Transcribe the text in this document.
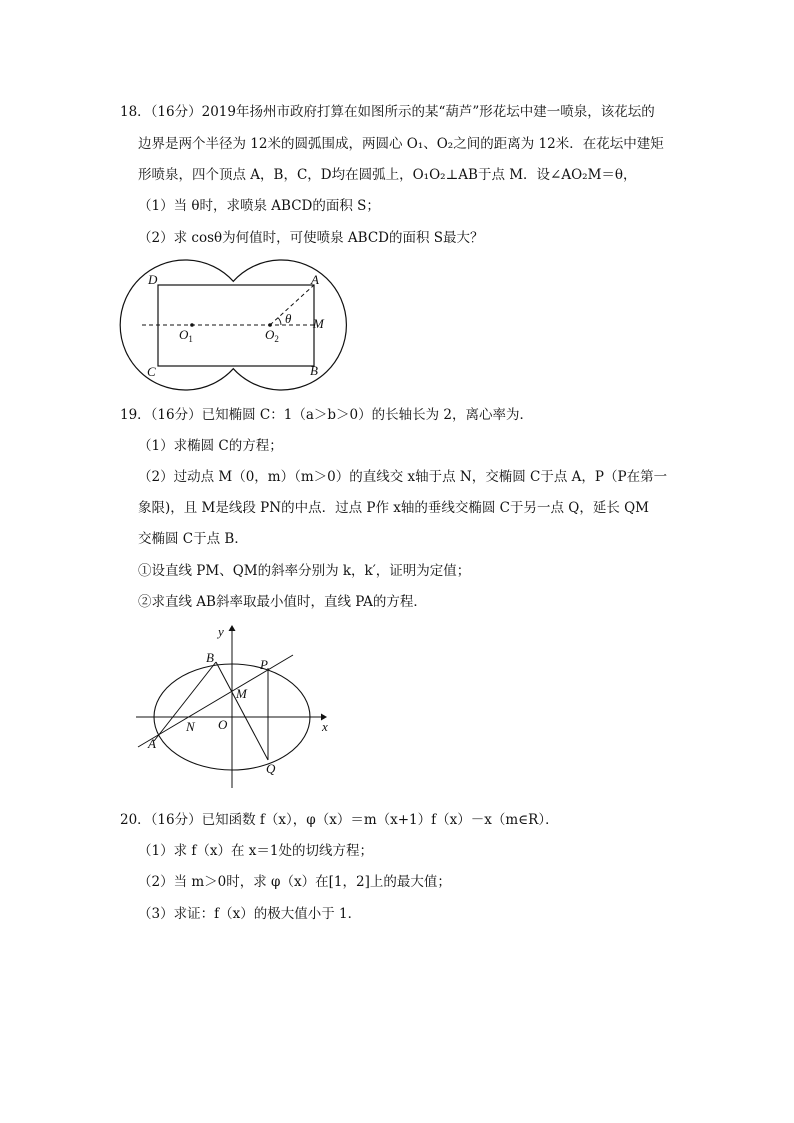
18．（16分）2019年扬州市政府打算在如图所示的某“葫芦”形花坛中建一喷泉，该花坛的
边界是两个半径为 12米的圆弧围成，两圆心 O₁、O₂之间的距离为 12米．在花坛中建矩
形喷泉，四个顶点 A，B，C，D均在圆弧上，O₁O₂⊥AB于点 M．设∠AO₂M＝θ，
（1）当 θ时，求喷泉 ABCD的面积 S；
（2）求 cosθ为何值时，可使喷泉 ABCD的面积 S最大？
D	A
C	B
M
θ
$O_1$	$O_2$
19．（16分）已知椭圆 C：1（a＞b＞0）的长轴长为 2，离心率为．
（1）求椭圆 C的方程；
（2）过动点 M（0，m）（m＞0）的直线交 x轴于点 N，交椭圆 C于点 A，P（P在第一
象限)，且 M是线段 PN的中点．过点 P作 x轴的垂线交椭圆 C于另一点 Q，延长 QM
交椭圆 C于点 B．
①设直线 PM、QM的斜率分别为 k，k′，证明为定值；
②求直线 AB斜率取最小值时，直线 PA的方程．
y
x
O
B	P
M
N
A
Q
20．（16分）已知函数 f（x），φ（x）＝m（x+1）f（x）－x（m∈R）．
（1）求 f（x）在 x＝1处的切线方程；
（2）当 m＞0时，求 φ（x）在[1，2]上的最大值；
（3）求证：f（x）的极大值小于 1．
